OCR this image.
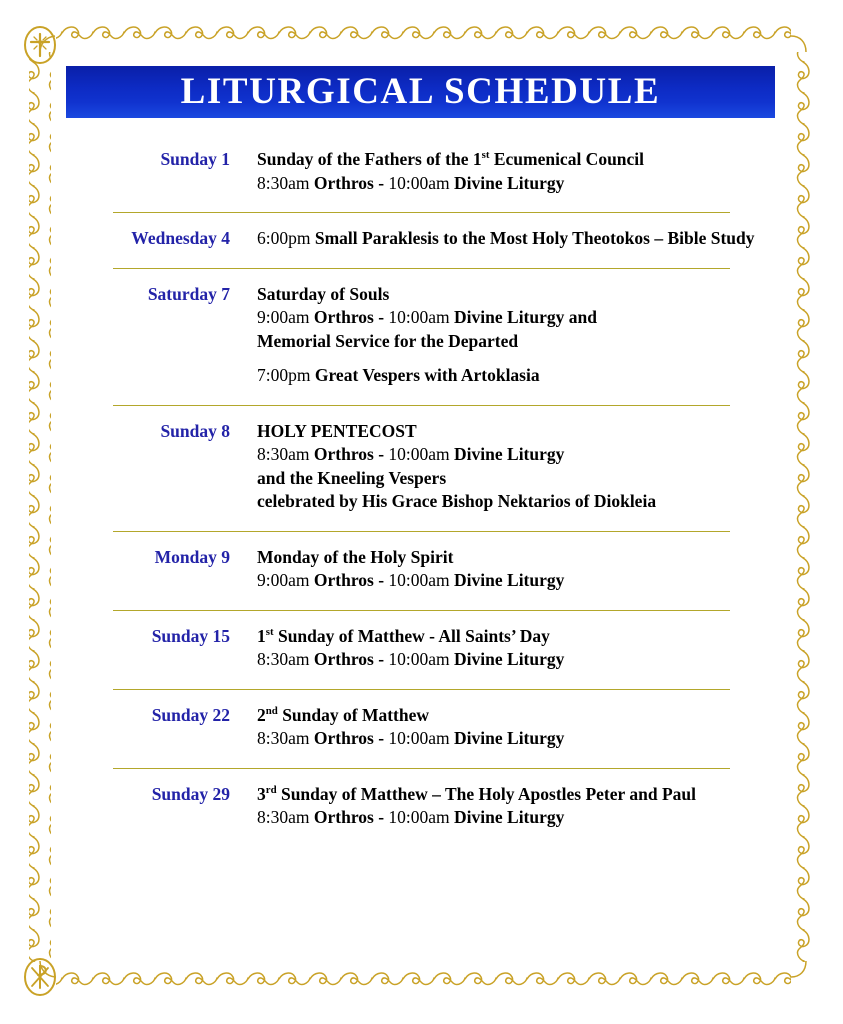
LITURGICAL SCHEDULE
Sunday 1 Sunday of the Fathers of the 1st Ecumenical Council
8:30am Orthros - 10:00am Divine Liturgy
Wednesday 4 6:00pm Small Paraklesis to the Most Holy Theotokos – Bible Study
Saturday 7 Saturday of Souls
9:00am Orthros - 10:00am Divine Liturgy and
Memorial Service for the Departed
7:00pm Great Vespers with Artoklasia
Sunday 8 HOLY PENTECOST
8:30am Orthros - 10:00am Divine Liturgy
and the Kneeling Vespers
celebrated by His Grace Bishop Nektarios of Diokleia
Monday 9 Monday of the Holy Spirit
9:00am Orthros - 10:00am Divine Liturgy
Sunday 15 1st Sunday of Matthew - All Saints’ Day
8:30am Orthros - 10:00am Divine Liturgy
Sunday 22 2nd Sunday of Matthew
8:30am Orthros - 10:00am Divine Liturgy
Sunday 29 3rd Sunday of Matthew – The Holy Apostles Peter and Paul
8:30am Orthros - 10:00am Divine Liturgy
